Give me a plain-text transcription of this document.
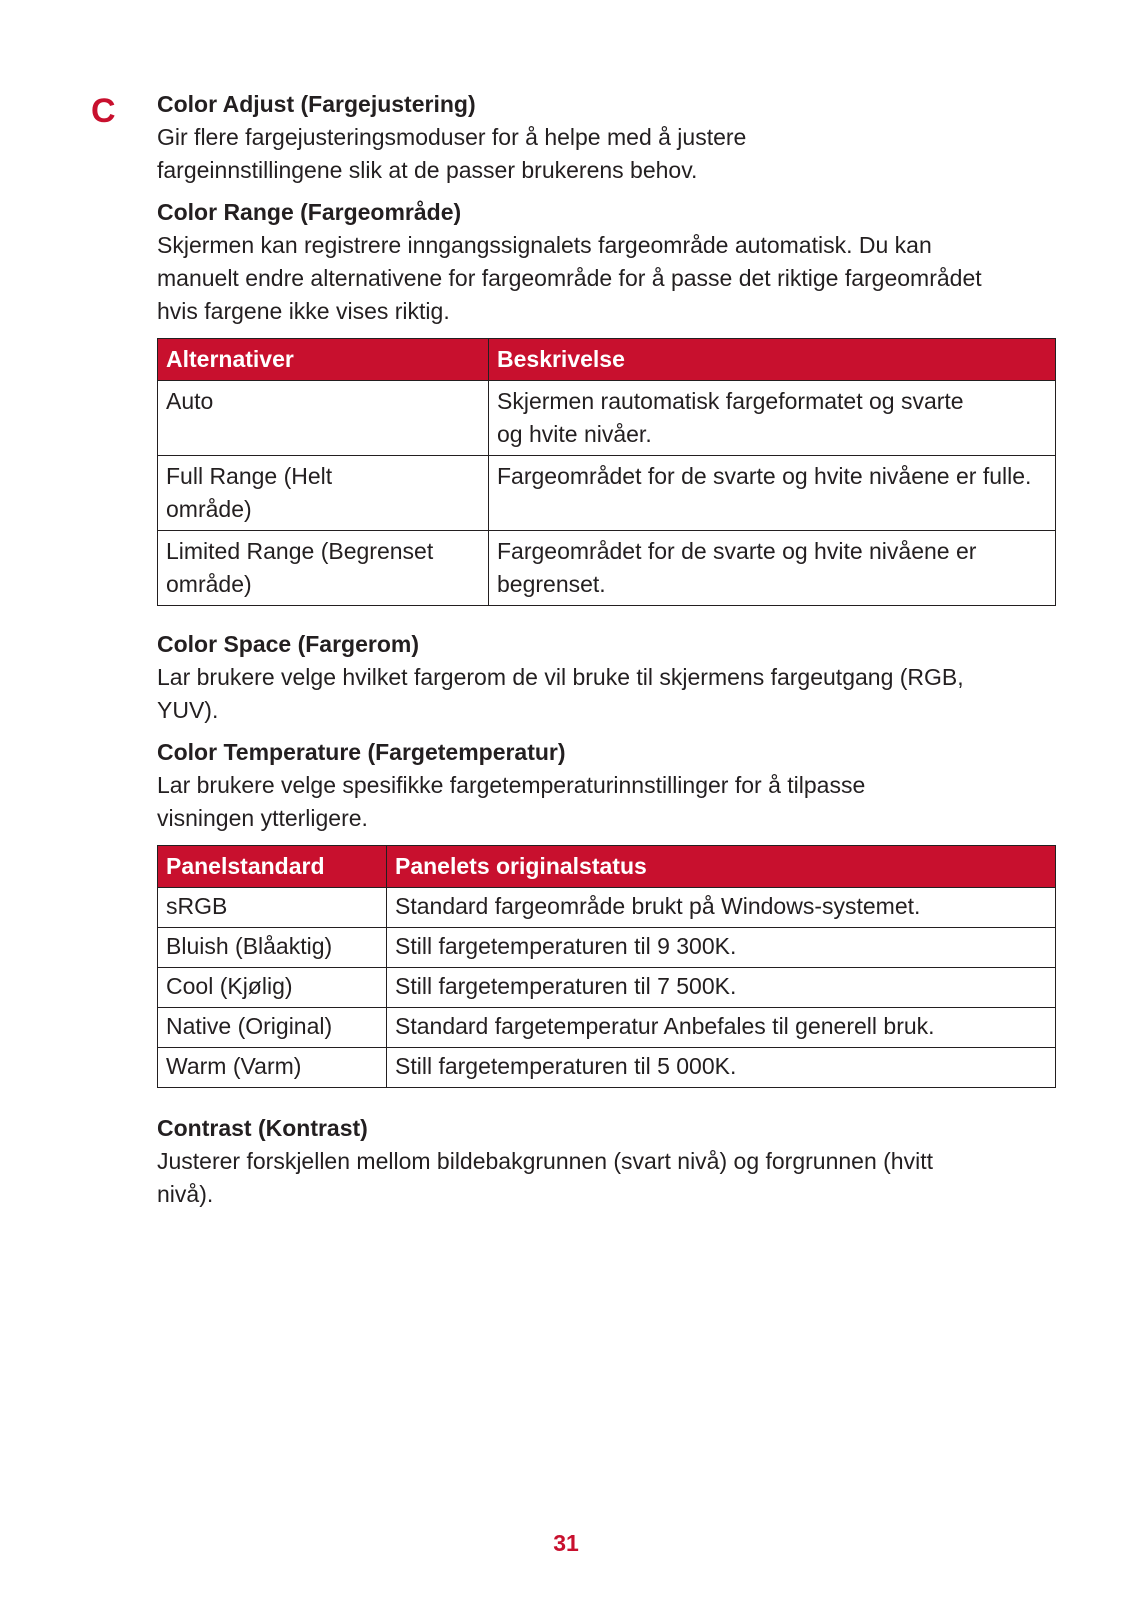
C Color Adjust (Fargejustering)

Gir flere fargejusteringsmoduser for å helpe med å justere fargeinnstillingene slik at de passer brukerens behov.

Color Range (Fargeområde)

Skjermen kan registrere inngangssignalets fargeområde automatisk. Du kan manuelt endre alternativene for fargeområde for å passe det riktige fargeområdet hvis fargene ikke vises riktig.

Alternativer	Beskrivelse
Auto	Skjermen rautomatisk fargeformatet og svarte og hvite nivåer.
Full Range (Helt område)	Fargeområdet for de svarte og hvite nivåene er fulle.
Limited Range (Begrenset område)	Fargeområdet for de svarte og hvite nivåene er begrenset.
Color Space (Fargerom)

Lar brukere velge hvilket fargerom de vil bruke til skjermens fargeutgang (RGB, YUV).

Color Temperature (Fargetemperatur)

Lar brukere velge spesifikke fargetemperaturinnstillinger for å tilpasse visningen ytterligere.

Panelstandard	Panelets originalstatus
sRGB	Standard fargeområde brukt på Windows-systemet.
Bluish (Blåaktig)	Still fargetemperaturen til 9 300K.
Cool (Kjølig)	Still fargetemperaturen til 7 500K.
Native (Original)	Standard fargetemperatur Anbefales til generell bruk.
Warm (Varm)	Still fargetemperaturen til 5 000K.
Contrast (Kontrast)

Justerer forskjellen mellom bildebakgrunnen (svart nivå) og forgrunnen (hvitt nivå).

31
